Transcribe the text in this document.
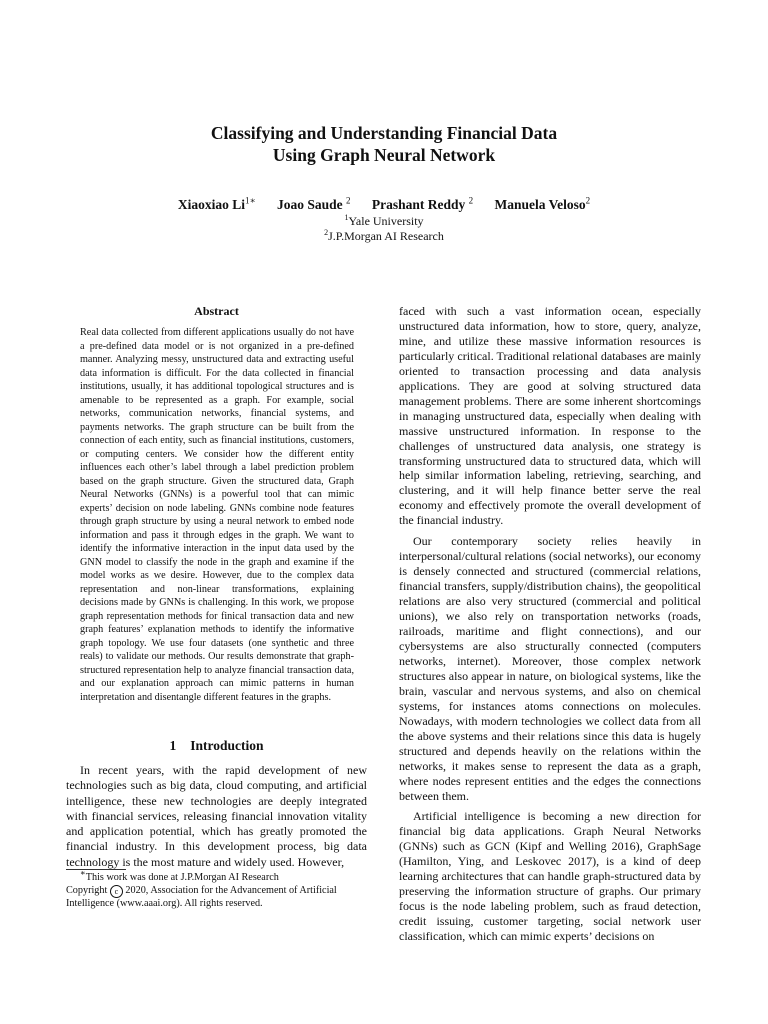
Classifying and Understanding Financial Data
Using Graph Neural Network
Xiaoxiao $Li^{1∗}$ Joao Saude $^2$ Prashant Reddy $^2$ Manuela Veloso$^2$
$^1$Yale University
$^2$J.P.Morgan AI Research
Abstract
Real data collected from different applications usually do not have a pre-defined data model or is not organized in a pre-defined manner. Analyzing messy, unstructured data and extracting useful data information is difficult. For the data collected in financial institutions, usually, it has additional topological structures and is amenable to be represented as a graph. For example, social networks, communication networks, financial systems, and payments networks. The graph structure can be built from the connection of each entity, such as financial institutions, customers, or computing centers. We consider how the different entity influences each other’s label through a label prediction problem based on the graph structure. Given the structured data, Graph Neural Networks (GNNs) is a powerful tool that can mimic experts’ decision on node labeling. GNNs combine node features through graph structure by using a neural network to embed node information and pass it through edges in the graph. We want to identify the informative interaction in the input data used by the GNN model to classify the node in the graph and examine if the model works as we desire. However, due to the complex data representation and non-linear transformations, explaining decisions made by GNNs is challenging. In this work, we propose graph representation methods for finical transaction data and new graph features’ explanation methods to identify the informative graph topology. We use four datasets (one synthetic and three reals) to validate our methods. Our results demonstrate that graph-structured representation help to analyze financial transaction data, and our explanation approach can mimic patterns in human interpretation and disentangle different features in the graphs.
1 Introduction

In recent years, with the rapid development of new technologies such as big data, cloud computing, and artificial intelligence, these new technologies are deeply integrated with financial services, releasing financial innovation vitality and application potential, which has greatly promoted the financial industry. In this development process, big data technology is the most mature and widely used. However,

∗This work was done at J.P.Morgan AI Research

Copyright c 2020, Association for the Advancement of Artificial Intelligence (www.aaai.org). All rights reserved.

faced with such a vast information ocean, especially unstructured data information, how to store, query, analyze, mine, and utilize these massive information resources is particularly critical. Traditional relational databases are mainly oriented to transaction processing and data analysis applications. They are good at solving structured data management problems. There are some inherent shortcomings in managing unstructured data, especially when dealing with massive unstructured information. In response to the challenges of unstructured data analysis, one strategy is transforming unstructured data to structured data, which will help similar information labeling, retrieving, searching, and clustering, and it will help finance better serve the real economy and effectively promote the overall development of the financial industry.

Our contemporary society relies heavily in interpersonal/cultural relations (social networks), our economy is densely connected and structured (commercial relations, financial transfers, supply/distribution chains), the geopolitical relations are also very structured (commercial and political unions), we also rely on transportation networks (roads, railroads, maritime and flight connections), and our cybersystems are also structurally connected (computers networks, internet). Moreover, those complex network structures also appear in nature, on biological systems, like the brain, vascular and nervous systems, and also on chemical systems, for instances atoms connections on molecules. Nowadays, with modern technologies we collect data from all the above systems and their relations since this data is hugely structured and depends heavily on the relations within the networks, it makes sense to represent the data as a graph, where nodes represent entities and the edges the connections between them.

Artificial intelligence is becoming a new direction for financial big data applications. Graph Neural Networks (GNNs) such as GCN (Kipf and Welling 2016), GraphSage (Hamilton, Ying, and Leskovec 2017), is a kind of deep learning architectures that can handle graph-structured data by preserving the information structure of graphs. Our primary focus is the node labeling problem, such as fraud detection, credit issuing, customer targeting, social network user classification, which can mimic experts’ decisions on
